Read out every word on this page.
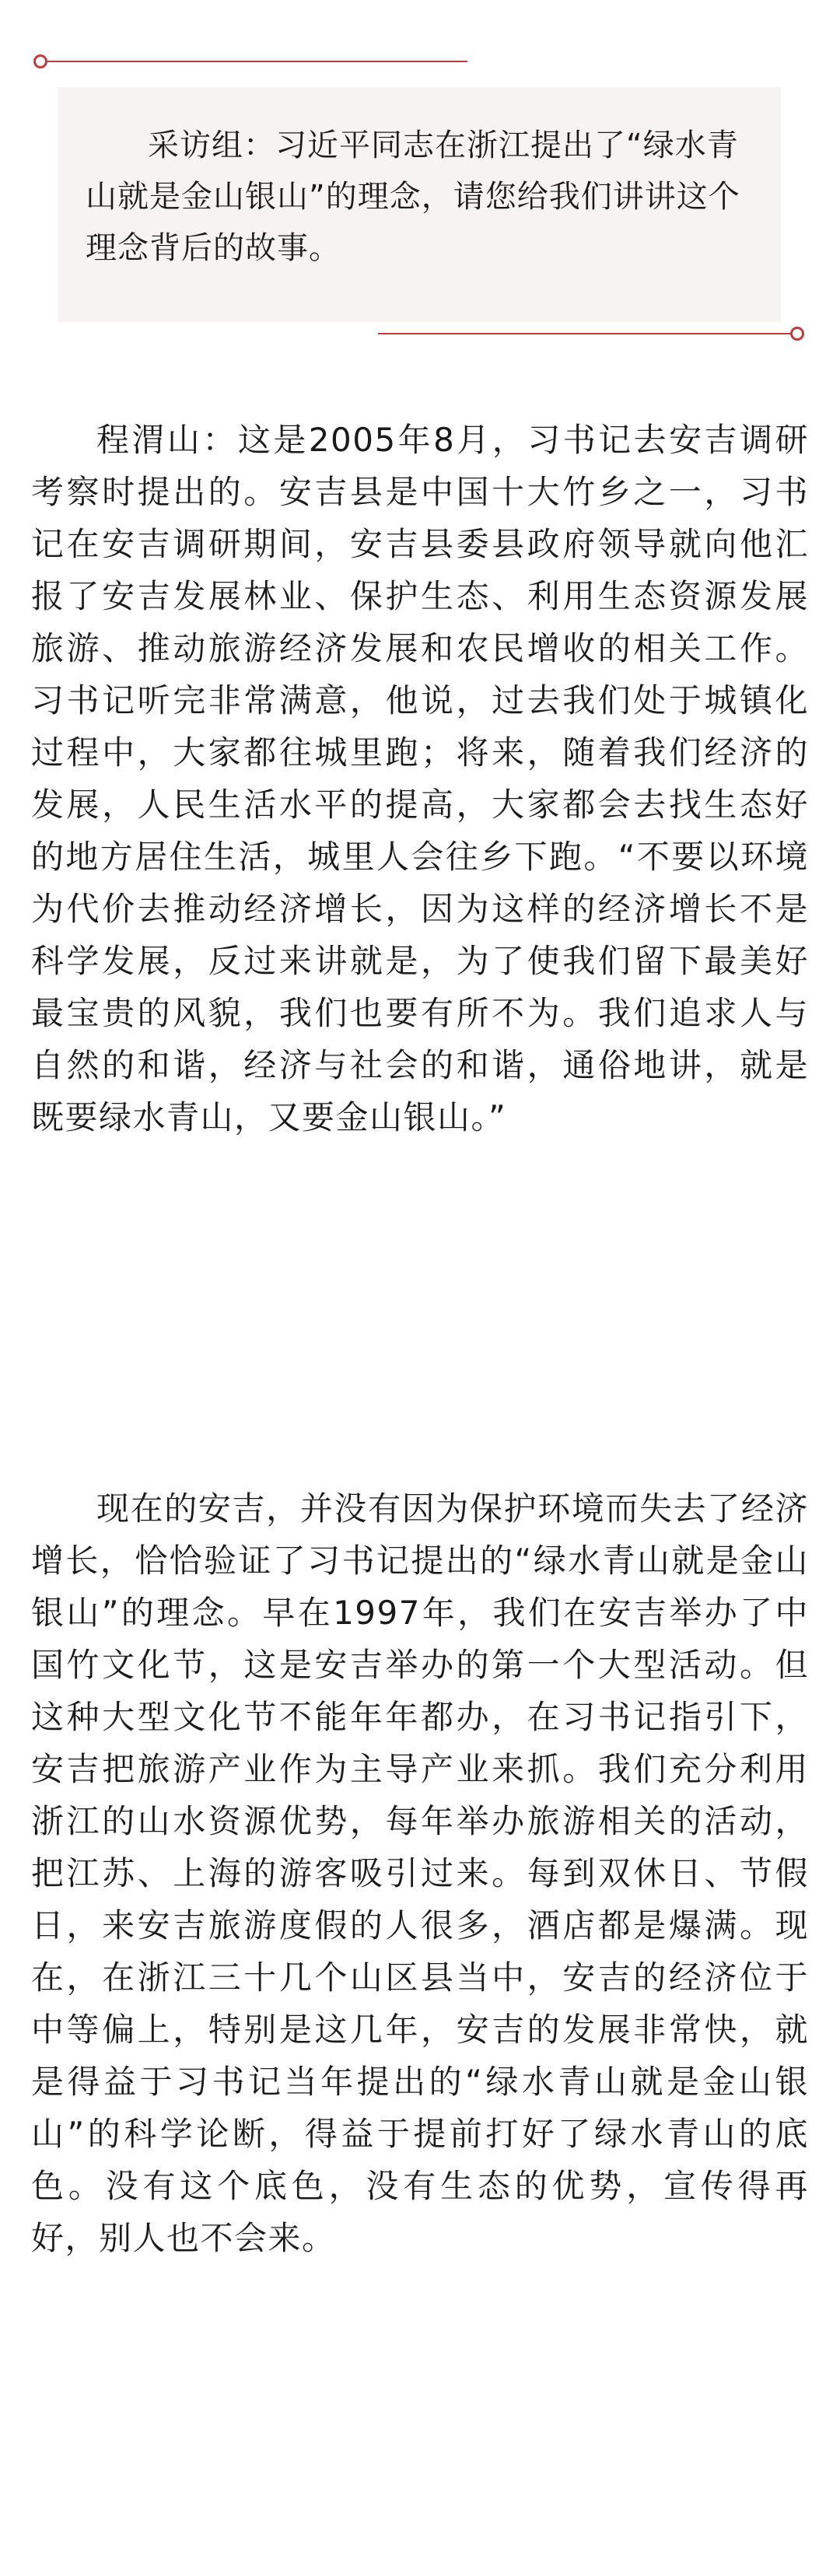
采访组：习近平同志在浙江提出了“绿水青山就是金山银山”的理念，请您给我们讲讲这个理念背后的故事。

程渭山：这是2005年8月，习书记去安吉调研考察时提出的。安吉县是中国十大竹乡之一，习书记在安吉调研期间，安吉县委县政府领导就向他汇报了安吉发展林业、保护生态、利用生态资源发展旅游、推动旅游经济发展和农民增收的相关工作。习书记听完非常满意，他说，过去我们处于城镇化过程中，大家都往城里跑；将来，随着我们经济的发展，人民生活水平的提高，大家都会去找生态好的地方居住生活，城里人会往乡下跑。“不要以环境为代价去推动经济增长，因为这样的经济增长不是科学发展，反过来讲就是，为了使我们留下最美好最宝贵的风貌，我们也要有所不为。我们追求人与自然的和谐，经济与社会的和谐，通俗地讲，就是既要绿水青山，又要金山银山。”

现在的安吉，并没有因为保护环境而失去了经济增长，恰恰验证了习书记提出的“绿水青山就是金山银山”的理念。早在1997年，我们在安吉举办了中国竹文化节，这是安吉举办的第一个大型活动。但这种大型文化节不能年年都办，在习书记指引下，安吉把旅游产业作为主导产业来抓。我们充分利用浙江的山水资源优势，每年举办旅游相关的活动，把江苏、上海的游客吸引过来。每到双休日、节假日，来安吉旅游度假的人很多，酒店都是爆满。现在，在浙江三十几个山区县当中，安吉的经济位于中等偏上，特别是这几年，安吉的发展非常快，就是得益于习书记当年提出的“绿水青山就是金山银山”的科学论断，得益于提前打好了绿水青山的底色。没有这个底色，没有生态的优势，宣传得再好，别人也不会来。
